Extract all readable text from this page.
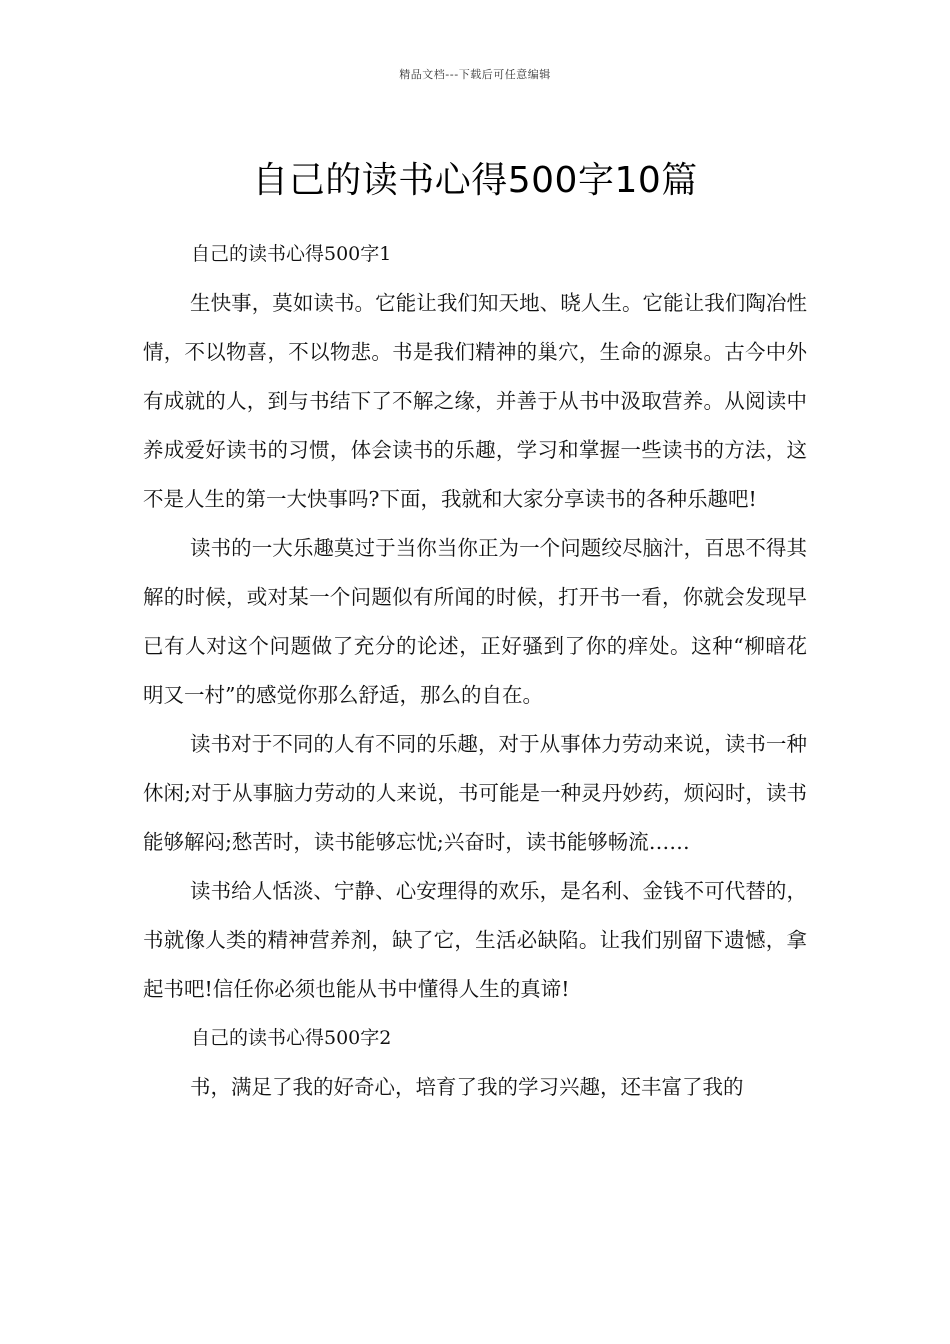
精品文档---下载后可任意编辑
自己的读书心得500字10篇

自己的读书心得500字1

生快事，莫如读书。它能让我们知天地、晓人生。它能让我们陶冶性情，不以物喜，不以物悲。书是我们精神的巢穴，生命的源泉。古今中外有成就的人，到与书结下了不解之缘，并善于从书中汲取营养。从阅读中养成爱好读书的习惯，体会读书的乐趣，学习和掌握一些读书的方法，这不是人生的第一大快事吗?下面，我就和大家分享读书的各种乐趣吧!

读书的一大乐趣莫过于当你当你正为一个问题绞尽脑汁，百思不得其解的时候，或对某一个问题似有所闻的时候，打开书一看，你就会发现早已有人对这个问题做了充分的论述，正好骚到了你的痒处。这种“柳暗花明又一村”的感觉你那么舒适，那么的自在。

读书对于不同的人有不同的乐趣，对于从事体力劳动来说，读书一种休闲;对于从事脑力劳动的人来说，书可能是一种灵丹妙药，烦闷时，读书能够解闷;愁苦时，读书能够忘忧;兴奋时，读书能够畅流……

读书给人恬淡、宁静、心安理得的欢乐，是名利、金钱不可代替的，书就像人类的精神营养剂，缺了它，生活必缺陷。让我们别留下遗憾，拿起书吧!信任你必须也能从书中懂得人生的真谛!

自己的读书心得500字2

书，满足了我的好奇心，培育了我的学习兴趣，还丰富了我的
